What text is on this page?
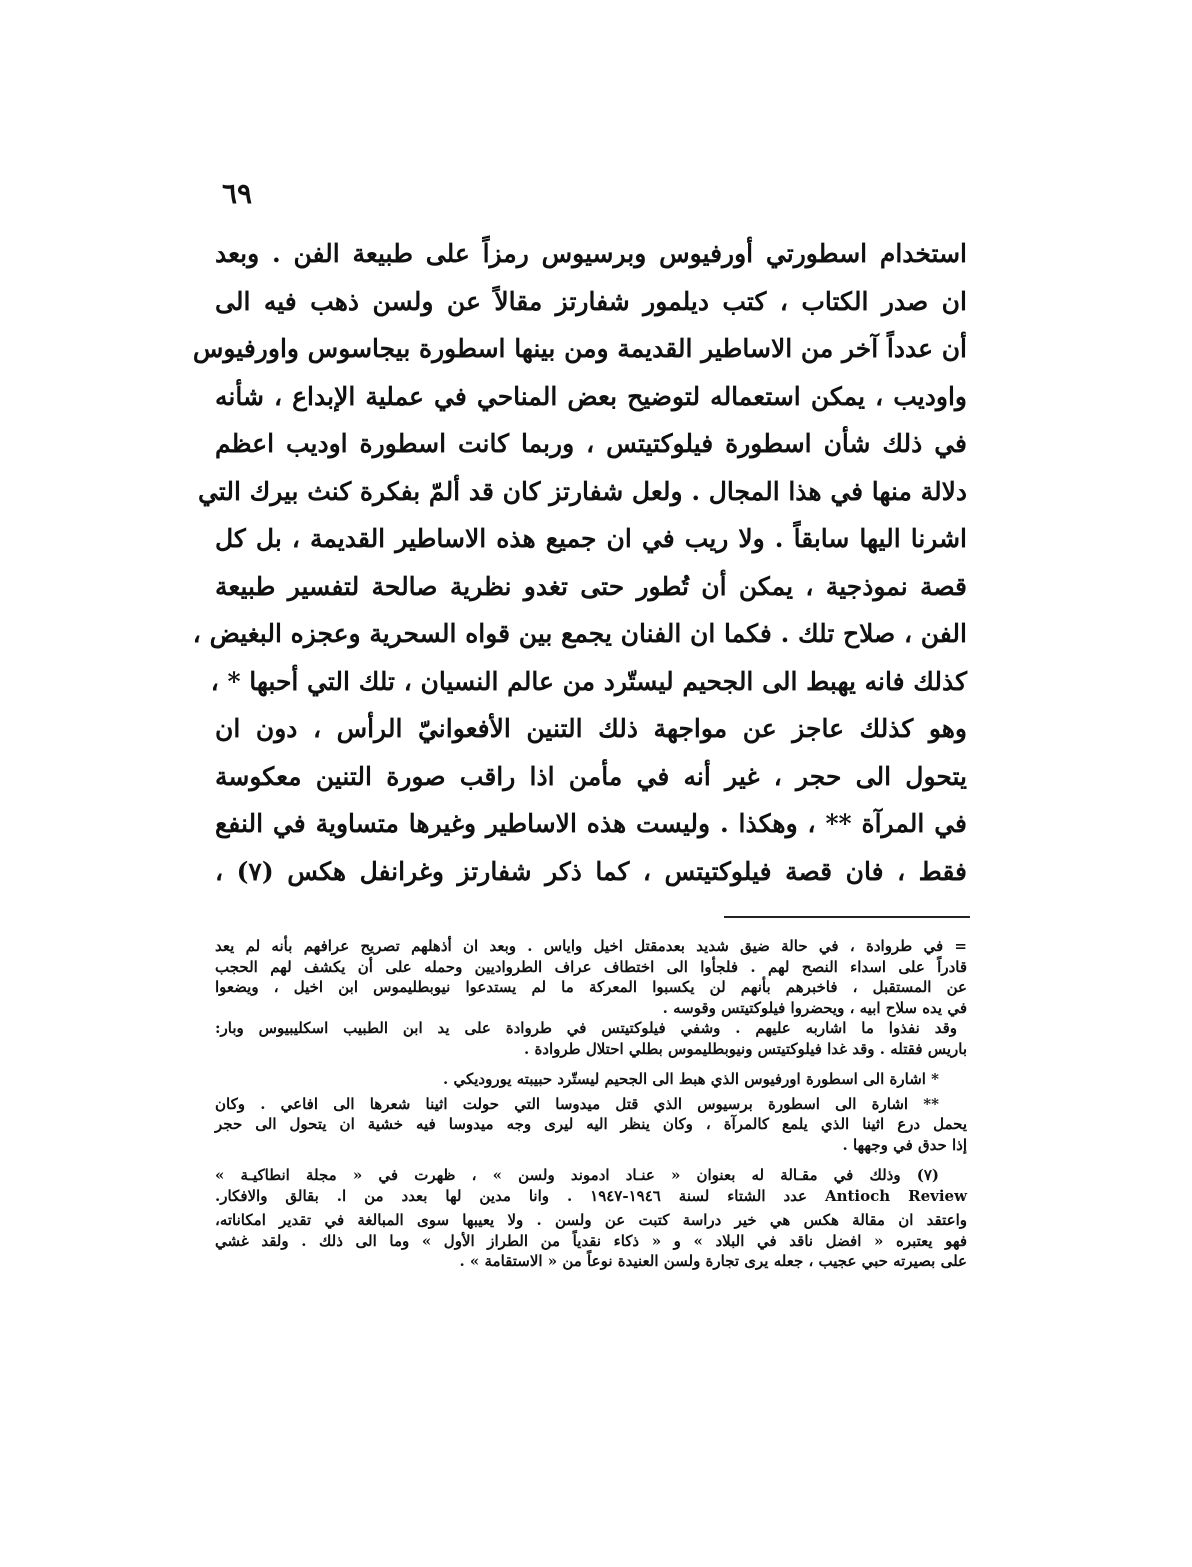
٦٩
استخدام اسطورتي أورفيوس وبرسيوس رمزاً على طبيعة الفن . وبعد
ان صدر الكتاب ، كتب ديلمور شفارتز مقالاً عن ولسن ذهب فيه الى
أن عدداً آخر من الاساطير القديمة ومن بينها اسطورة بيجاسوس واورفيوس
واوديب ، يمكن استعماله لتوضيح بعض المناحي في عملية الإبداع ، شأنه
في ذلك شأن اسطورة فيلوكتيتس ، وربما كانت اسطورة اوديب اعظم
دلالة منها في هذا المجال . ولعل شفارتز كان قد ألمّ بفكرة كنث بيرك التي
اشرنا اليها سابقاً . ولا ريب في ان جميع هذه الاساطير القديمة ، بل كل
قصة نموذجية ، يمكن أن تُطور حتى تغدو نظرية صالحة لتفسير طبيعة
الفن ، صلاح تلك . فكما ان الفنان يجمع بين قواه السحرية وعجزه البغيض ،
كذلك فانه يهبط الى الجحيم ليستّرد من عالم النسيان ، تلك التي أحبها * ،
وهو كذلك عاجز عن مواجهة ذلك التنين الأفعوانيّ الرأس ، دون ان
يتحول الى حجر ، غير أنه في مأمن اذا راقب صورة التنين معكوسة
في المرآة ** ، وهكذا . وليست هذه الاساطير وغيرها متساوية في النفع
فقط ، فان قصة فيلوكتيتس ، كما ذكر شفارتز وغرانفل هكس (٧) ،
= في طروادة ، في حالة ضيق شديد بعدمقتل اخيل واياس . وبعد ان أذهلهم تصريح عرافهم بأنه لم يعد
قادراً على اسداء النصح لهم . فلجأوا الى اختطاف عراف الطرواديين وحمله على أن يكشف لهم الحجب
عن المستقبل ، فاخبرهم بأنهم لن يكسبوا المعركة ما لم يستدعوا نيوبطليموس ابن اخيل ، ويضعوا
في يده سلاح ابيه ، ويحضروا فيلوكتيتس وقوسه .
وقد نفذوا ما اشاربه عليهم . وشفي فيلوكتيتس في طروادة على يد ابن الطبيب اسكليبيوس وبار:
باريس فقتله . وقد غدا فيلوكتيتس ونيوبطليموس بطلي احتلال طروادة .
* اشارة الى اسطورة اورفيوس الذي هبط الى الجحيم ليستّرد حبيبته يوروديكي .
** اشارة الى اسطورة برسيوس الذي قتل ميدوسا التي حولت اثينا شعرها الى افاعي . وكان
يحمل درع اثينا الذي يلمع كالمرآة ، وكان ينظر اليه ليرى وجه ميدوسا فيه خشية ان يتحول الى حجر
إذا حدق في وجهها .
(٧) وذلك في مقـالة له بعنوان « عنـاد ادموند ولسن » ، ظهرت في « مجلة انطاكيـة »
Antioch Review عدد الشتاء لسنة ١٩٤٦-١٩٤٧ . وانا مدين لها بعدد من ا. بقالق والافكار.
واعتقد ان مقالة هكس هي خير دراسة كتبت عن ولسن . ولا يعيبها سوى المبالغة في تقدير امكاناته،
فهو يعتبره « افضل ناقد في البلاد » و « ذكاء نقدياً من الطراز الأول » وما الى ذلك . ولقد غشي
على بصيرته حبي عجيب ، جعله يرى تجارة ولسن العنيدة نوعاً من « الاستقامة » .
